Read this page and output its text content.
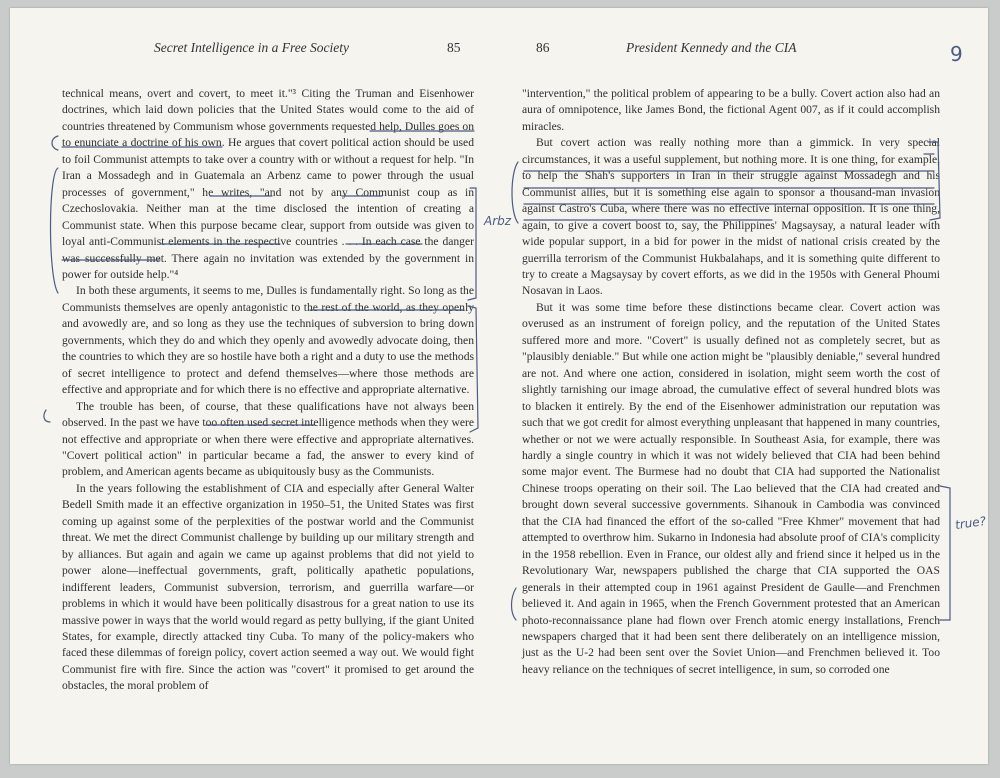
Secret Intelligence in a Free Society	85

technical means, overt and covert, to meet it."³ Citing the Truman and Eisenhower doctrines, which laid down policies that the United States would come to the aid of countries threatened by Communism whose governments requested help, Dulles goes on to enunciate a doctrine of his own. He argues that covert political action should be used to foil Communist attempts to take over a country with or without a request for help. "In Iran a Mossadegh and in Guatemala an Arbenz came to power through the usual processes of government," he writes, "and not by any Communist coup as in Czechoslovakia. Neither man at the time disclosed the intention of creating a Communist state. When this purpose became clear, support from outside was given to loyal anti-Communist elements in the respective countries . . . In each case the danger was successfully met. There again no invitation was extended by the government in power for outside help."⁴

In both these arguments, it seems to me, Dulles is fundamentally right. So long as the Communists themselves are openly antagonistic to the rest of the world, as they openly and avowedly are, and so long as they use the techniques of subversion to bring down governments, which they do and which they openly and avowedly advocate doing, then the countries to which they are so hostile have both a right and a duty to use the methods of secret intelligence to protect and defend themselves—where those methods are effective and appropriate and for which there is no effective and appropriate alternative.

The trouble has been, of course, that these qualifications have not always been observed. In the past we have too often used secret intelligence methods when they were not effective and appropriate or when there were effective and appropriate alternatives. "Covert political action" in particular became a fad, the answer to every kind of problem, and American agents became as ubiquitously busy as the Communists.

In the years following the establishment of CIA and especially after General Walter Bedell Smith made it an effective organization in 1950–51, the United States was first coming up against some of the perplexities of the postwar world and the Communist threat. We met the direct Communist challenge by building up our military strength and by alliances. But again and again we came up against problems that did not yield to power alone—ineffectual governments, graft, politically apathetic populations, indifferent leaders, Communist subversion, terrorism, and guerrilla warfare—or problems in which it would have been politically disastrous for a great nation to use its massive power in ways that the world would regard as petty bullying, if the giant United States, for example, directly attacked tiny Cuba. To many of the policy-makers who faced these dilemmas of foreign policy, covert action seemed a way out. We would fight Communist fire with fire. Since the action was "covert" it promised to get around the obstacles, the moral problem of

86	President Kennedy and the CIA

"intervention," the political problem of appearing to be a bully. Covert action also had an aura of omnipotence, like James Bond, the fictional Agent 007, as if it could accomplish miracles.

But covert action was really nothing more than a gimmick. In very special circumstances, it was a useful supplement, but nothing more. It is one thing, for example, to help the Shah's supporters in Iran in their struggle against Mossadegh and his Communist allies, but it is something else again to sponsor a thousand-man invasion against Castro's Cuba, where there was no effective internal opposition. It is one thing, again, to give a covert boost to, say, the Philippines' Magsaysay, a natural leader with wide popular support, in a bid for power in the midst of national crisis created by the guerrilla terrorism of the Communist Hukbalahaps, and it is something quite different to try to create a Magsaysay by covert efforts, as we did in the 1950s with General Phoumi Nosavan in Laos.

But it was some time before these distinctions became clear. Covert action was overused as an instrument of foreign policy, and the reputation of the United States suffered more and more. "Covert" is usually defined not as completely secret, but as "plausibly deniable." But while one action might be "plausibly deniable," several hundred are not. And where one action, considered in isolation, might seem worth the cost of slightly tarnishing our image abroad, the cumulative effect of several hundred blots was to blacken it entirely. By the end of the Eisenhower administration our reputation was such that we got credit for almost everything unpleasant that happened in many countries, whether or not we were actually responsible. In Southeast Asia, for example, there was hardly a single country in which it was not widely believed that CIA had been behind some major event. The Burmese had no doubt that CIA had supported the Nationalist Chinese troops operating on their soil. The Lao believed that the CIA had created and brought down several successive governments. Sihanouk in Cambodia was convinced that the CIA had financed the effort of the so-called "Free Khmer" movement that had attempted to overthrow him. Sukarno in Indonesia had absolute proof of CIA's complicity in the 1958 rebellion. Even in France, our oldest ally and friend since it helped us in the Revolutionary War, newspapers published the charge that CIA supported the OAS generals in their attempted coup in 1961 against President de Gaulle—and Frenchmen believed it. And again in 1965, when the French Government protested that an American photo-reconnaissance plane had flown over French atomic energy installations, French newspapers charged that it had been sent there deliberately on an intelligence mission, just as the U-2 had been sent over the Soviet Union—and Frenchmen believed it. Too heavy reliance on the techniques of secret intelligence, in sum, so corroded one

9
Arbz
true?
